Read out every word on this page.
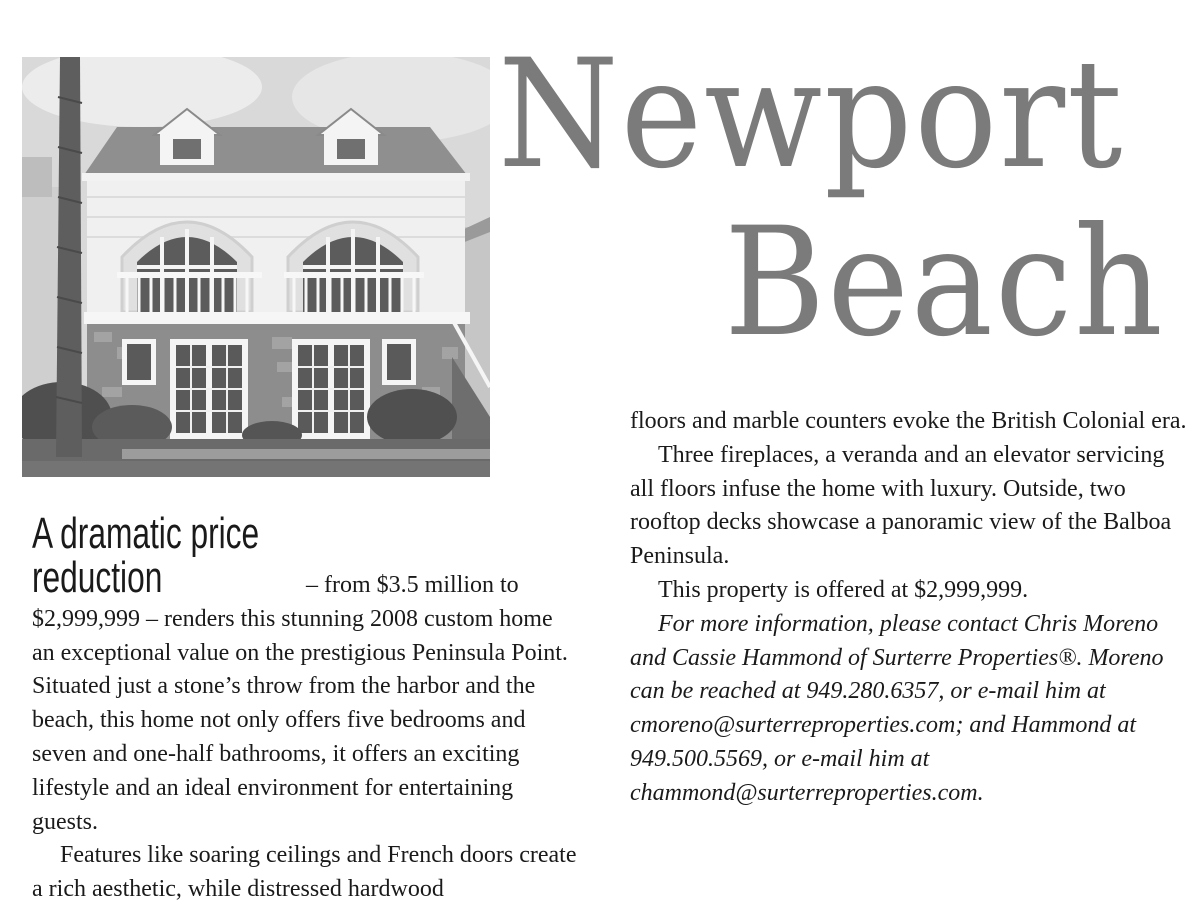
Newport
Beach

A dramatic price reduction	– from $3.5 million to $2,999,999 – renders this stunning 2008 custom home an exceptional value on the prestigious Peninsula Point. Situated just a stone’s throw from the harbor and the beach, this home not only offers five bedrooms and seven and one-half bathrooms, it offers an exciting lifestyle and an ideal environment for entertaining guests.

Features like soaring ceilings and French doors create a rich aesthetic, while distressed hardwood

floors and marble counters evoke the British Colonial era.

Three fireplaces, a veranda and an elevator servicing all floors infuse the home with luxury. Outside, two rooftop decks showcase a panoramic view of the Balboa Peninsula.

This property is offered at $2,999,999.

For more information, please contact Chris Moreno and Cassie Hammond of Surterre Properties®. Moreno can be reached at 949.280.6357, or e-mail him at cmoreno@surterreproperties.com; and Hammond at 949.500.5569, or e-mail him at chammond@surterreproperties.com.
